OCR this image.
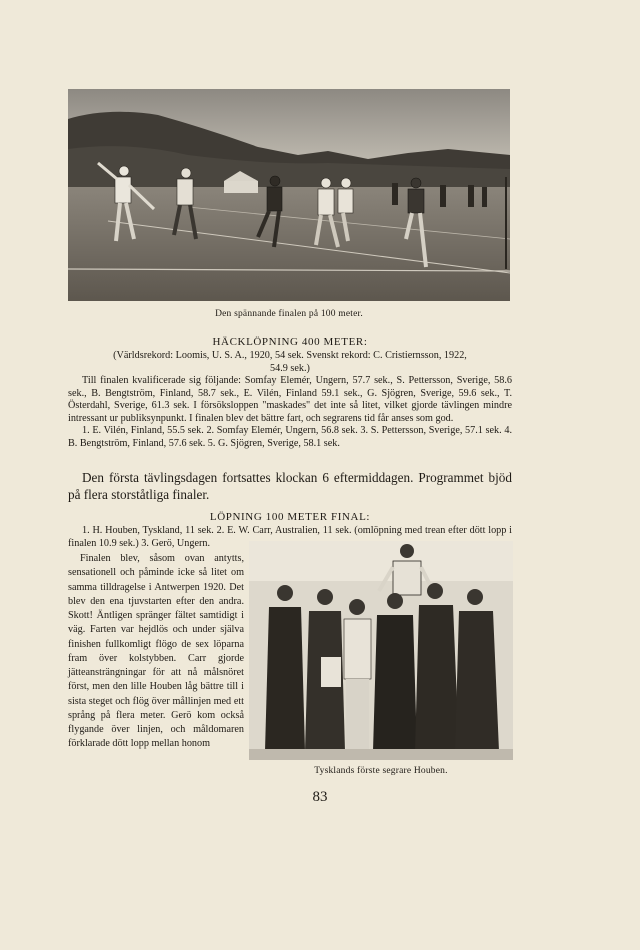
Den spännande finalen på 100 meter.
HÄCKLÖPNING 400 METER:

(Världsrekord: Loomis, U. S. A., 1920, 54 sek. Svenskt rekord: C. Cristiernsson, 1922,

54.9 sek.)

Till finalen kvalificerade sig följande: Somfay Elemér, Ungern, 57.7 sek., S. Pettersson, Sverige, 58.6 sek., B. Bengtström, Finland, 58.7 sek., E. Vilén, Finland 59.1 sek., G. Sjögren, Sverige, 59.6 sek., T. Österdahl, Sverige, 61.3 sek. I försöksloppen "maskades" det inte så litet, vilket gjorde tävlingen mindre intressant ur publiksynpunkt. I finalen blev det bättre fart, och segrarens tid får anses som god.

1. E. Vilén, Finland, 55.5 sek. 2. Somfay Elemér, Ungern, 56.8 sek. 3. S. Pettersson, Sverige, 57.1 sek. 4. B. Bengtström, Finland, 57.6 sek. 5. G. Sjögren, Sverige, 58.1 sek.

Den första tävlingsdagen fortsattes klockan 6 eftermiddagen. Programmet bjöd på flera storståtliga finaler.
LÖPNING 100 METER FINAL:

1. H. Houben, Tyskland, 11 sek. 2. E. W. Carr, Australien, 11 sek. (omlöpning med trean efter dött lopp i finalen 10.9 sek.) 3. Gerö, Ungern.

Finalen blev, såsom ovan antytts, sensationell och påminde icke så litet om samma tilldragelse i Antwerpen 1920. Det blev den ena tjuvstarten efter den andra. Skott! Äntligen spränger fältet samtidigt i väg. Farten var hejdlös och under själva finishen fullkomligt flögo de sex löparna fram över kolstybben. Carr gjorde jätteansträngningar för att nå målsnöret först, men den lille Houben låg bättre till i sista steget och flög över mållinjen med ett språng på flera meter. Gerö kom också flygande över linjen, och måldomaren förklarade dött lopp mellan honom

Tysklands förste segrare Houben.
83
